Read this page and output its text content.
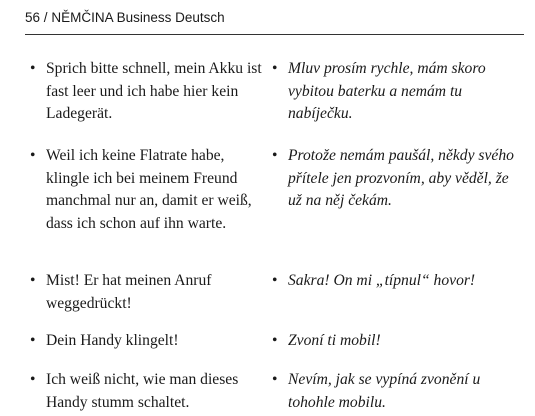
56 / NĚMČINA Business Deutsch
• Sprich bitte schnell, mein Akku ist fast leer und ich habe hier kein Ladegerät.
• Mluv prosím rychle, mám skoro vybitou baterku a nemám tu nabíječku.
• Weil ich keine Flatrate habe, klingle ich bei meinem Freund manchmal nur an, damit er weiß, dass ich schon auf ihn warte.
• Protože nemám paušál, někdy svého přítele jen prozvoním, aby věděl, že už na něj čekám.
• Mist! Er hat meinen Anruf weggedrückt!
• Sakra! On mi „típnul“ hovor!
• Dein Handy klingelt!	• Zvoní ti mobil!
• Ich weiß nicht, wie man dieses Handy stumm schaltet.
• Nevím, jak se vypíná zvonění u tohohle mobilu.
